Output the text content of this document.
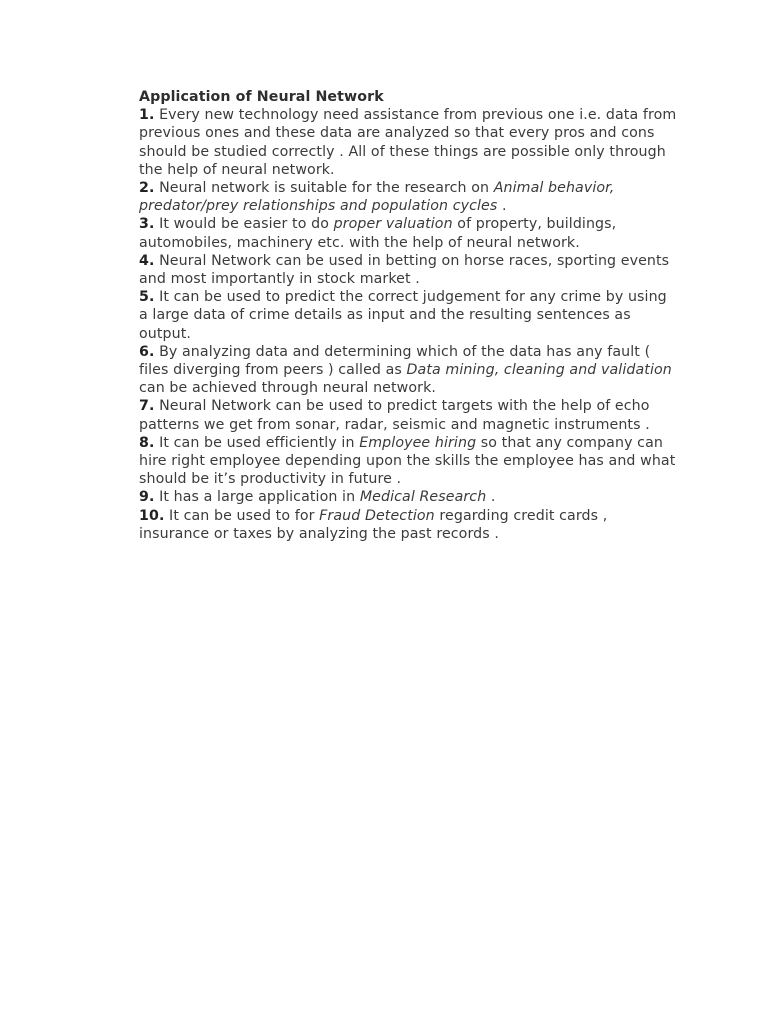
Application of Neural Network

1. Every new technology need assistance from previous one i.e. data from previous ones and these data are analyzed so that every pros and cons should be studied correctly . All of these things are possible only through the help of neural network.

2. Neural network is suitable for the research on Animal behavior, predator/prey relationships and population cycles .

3. It would be easier to do proper valuation of property, buildings, automobiles, machinery etc. with the help of neural network.

4. Neural Network can be used in betting on horse races, sporting events and most importantly in stock market .

5. It can be used to predict the correct judgement for any crime by using a large data of crime details as input and the resulting sentences as output.

6. By analyzing data and determining which of the data has any fault ( files diverging from peers ) called as Data mining, cleaning and validation can be achieved through neural network.

7. Neural Network can be used to predict targets with the help of echo patterns we get from sonar, radar, seismic and magnetic instruments .

8. It can be used efficiently in Employee hiring so that any company can hire right employee depending upon the skills the employee has and what should be it’s productivity in future .

9. It has a large application in Medical Research .

10. It can be used to for Fraud Detection regarding credit cards , insurance or taxes by analyzing the past records .
